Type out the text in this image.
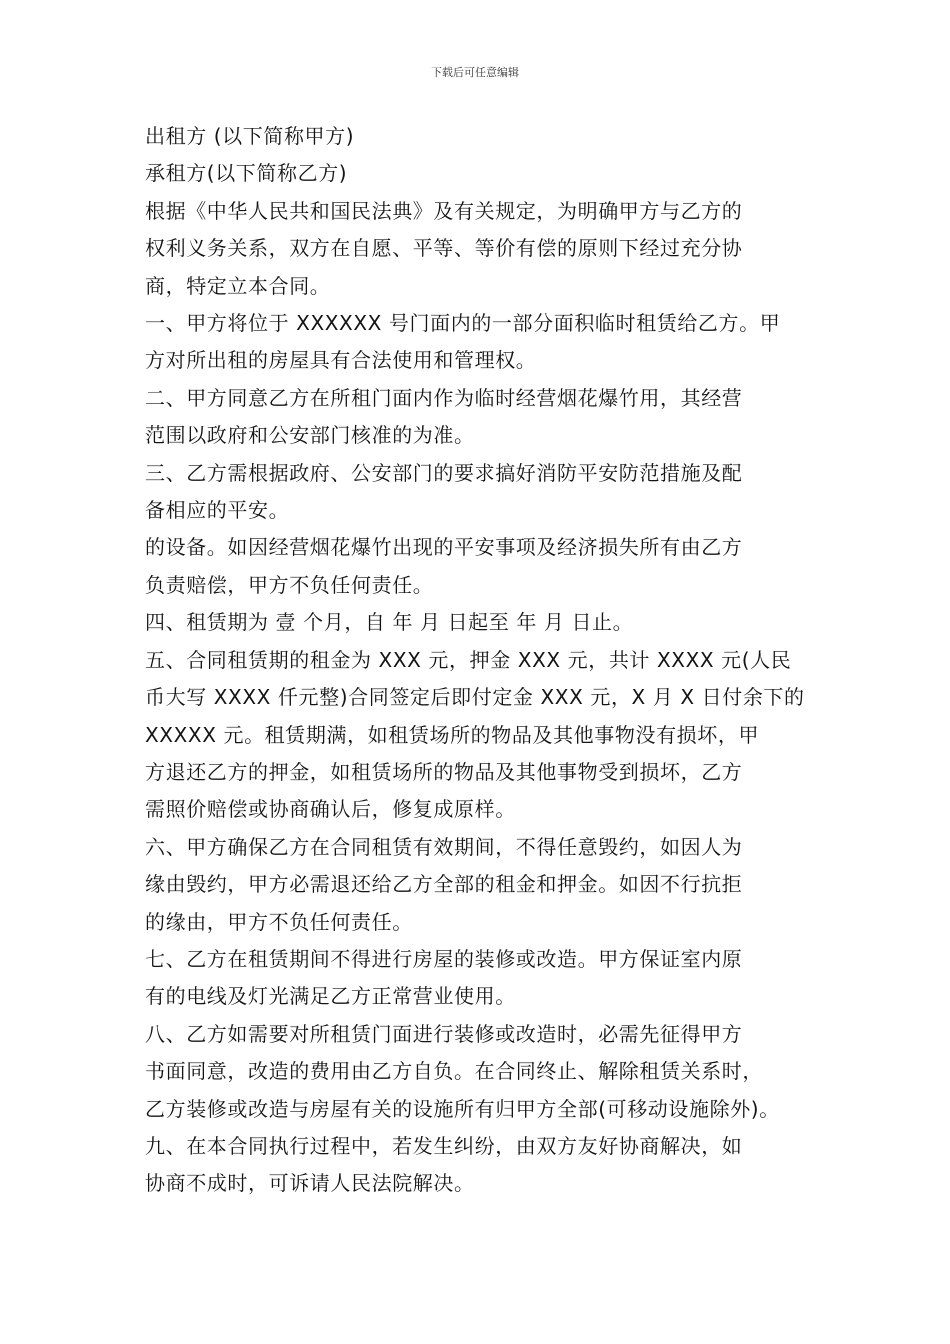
下载后可任意编辑
出租方 (以下简称甲方)
承租方(以下简称乙方)
根据《中华人民共和国民法典》及有关规定，为明确甲方与乙方的
权利义务关系，双方在自愿、平等、等价有偿的原则下经过充分协
商，特定立本合同。
一、甲方将位于 XXXXXX 号门面内的一部分面积临时租赁给乙方。甲
方对所出租的房屋具有合法使用和管理权。
二、甲方同意乙方在所租门面内作为临时经营烟花爆竹用，其经营
范围以政府和公安部门核准的为准。
三、乙方需根据政府、公安部门的要求搞好消防平安防范措施及配
备相应的平安。
的设备。如因经营烟花爆竹出现的平安事项及经济损失所有由乙方
负责赔偿，甲方不负任何责任。
四、租赁期为 壹 个月，自 年 月 日起至 年 月 日止。
五、合同租赁期的租金为 XXX 元，押金 XXX 元，共计 XXXX 元(人民
币大写 XXXX 仟元整)合同签定后即付定金 XXX 元，X 月 X 日付余下的
XXXXX 元。租赁期满，如租赁场所的物品及其他事物没有损坏，甲
方退还乙方的押金，如租赁场所的物品及其他事物受到损坏，乙方
需照价赔偿或协商确认后，修复成原样。
六、甲方确保乙方在合同租赁有效期间，不得任意毁约，如因人为
缘由毁约，甲方必需退还给乙方全部的租金和押金。如因不行抗拒
的缘由，甲方不负任何责任。
七、乙方在租赁期间不得进行房屋的装修或改造。甲方保证室内原
有的电线及灯光满足乙方正常营业使用。
八、乙方如需要对所租赁门面进行装修或改造时，必需先征得甲方
书面同意，改造的费用由乙方自负。在合同终止、解除租赁关系时，
乙方装修或改造与房屋有关的设施所有归甲方全部(可移动设施除外)。
九、在本合同执行过程中，若发生纠纷，由双方友好协商解决，如
协商不成时，可诉请人民法院解决。
